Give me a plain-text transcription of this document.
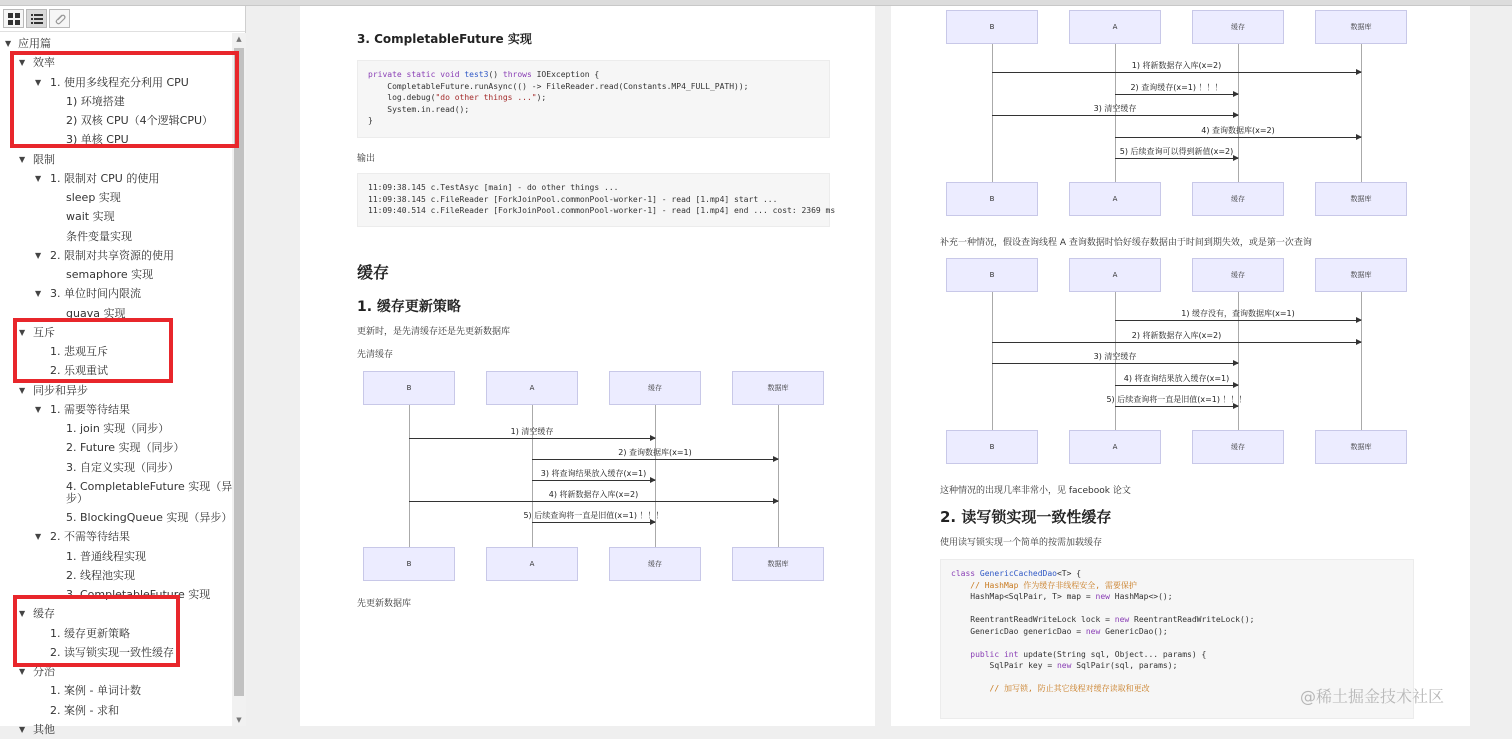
▼ 应用篇
▼ 效率
▼ 1. 使用多线程充分利用 CPU
1) 环境搭建
2) 双核 CPU（4个逻辑CPU）
3) 单核 CPU
▼ 限制
▼ 1. 限制对 CPU 的使用
sleep 实现
wait 实现
条件变量实现
▼ 2. 限制对共享资源的使用
semaphore 实现
▼ 3. 单位时间内限流
guava 实现
▼ 互斥
1. 悲观互斥
2. 乐观重试
▼ 同步和异步
▼ 1. 需要等待结果
1. join 实现（同步）
2. Future 实现（同步）
3. 自定义实现（同步）
4. CompletableFuture 实现（异
步）
5. BlockingQueue 实现（异步）
▼ 2. 不需等待结果
1. 普通线程实现
2. 线程池实现
3. CompletableFuture 实现
▼ 缓存
1. 缓存更新策略
2. 读写锁实现一致性缓存
▼ 分治
1. 案例 - 单词计数
2. 案例 - 求和
▼ 其他
▲
▼
3. CompletableFuture 实现
private static void test3() throws IOException {
CompletableFuture.runAsync(() -> FileReader.read(Constants.MP4_FULL_PATH));
log.debug("do other things ...");
System.in.read();
}
输出
11:09:38.145 c.TestAsyc [main] - do other things ...
11:09:38.145 c.FileReader [ForkJoinPool.commonPool-worker-1] - read [1.mp4] start ...
11:09:40.514 c.FileReader [ForkJoinPool.commonPool-worker-1] - read [1.mp4] end ... cost: 2369 ms
缓存
1. 缓存更新策略
更新时，是先清缓存还是先更新数据库
先清缓存
B
B
A
A
缓存
缓存
数据库
数据库
1) 清空缓存
2) 查询数据库(x=1)
3) 将查询结果放入缓存(x=1)
4) 将新数据存入库(x=2)
5) 后续查询将一直是旧值(x=1) ！！！
先更新数据库
B
B
A
A
缓存
缓存
数据库
数据库
1) 将新数据存入库(x=2)
2) 查询缓存(x=1) ！！！
3) 清空缓存
4) 查询数据库(x=2)
5) 后续查询可以得到新值(x=2)
补充一种情况，假设查询线程 A 查询数据时恰好缓存数据由于时间到期失效，或是第一次查询
B
B
A
A
缓存
缓存
数据库
数据库
1) 缓存没有，查询数据库(x=1)
2) 将新数据存入库(x=2)
3) 清空缓存
4) 将查询结果放入缓存(x=1)
5) 后续查询将一直是旧值(x=1) ！！！
这种情况的出现几率非常小，见 facebook 论文
2. 读写锁实现一致性缓存
使用读写锁实现一个简单的按需加载缓存
class GenericCachedDao<T> {
// HashMap 作为缓存非线程安全, 需要保护
HashMap<SqlPair, T> map = new HashMap<>();

ReentrantReadWriteLock lock = new ReentrantReadWriteLock();
GenericDao genericDao = new GenericDao();

public int update(String sql, Object... params) {
SqlPair key = new SqlPair(sql, params);

// 加写锁, 防止其它线程对缓存读取和更改	@稀土掘金技术社区
